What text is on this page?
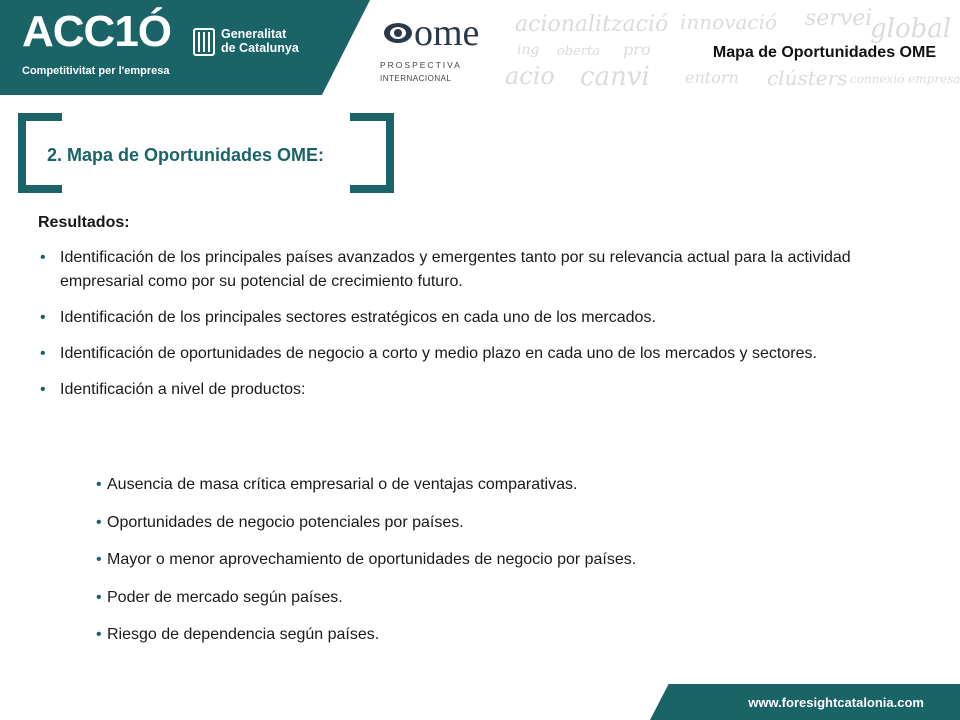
ACC1Ó
Competitivitat per l'empresa
Generalitat
de Catalunya	ome
PROSPECTIVA
INTERNACIONAL
acionalització innovació servei
global
ing oberta pro
acio canvi entorn clústers connexió empresa
Mapa de Oportunidades OME
2. Mapa de Oportunidades OME:
Resultados:
• Identificación de los principales países avanzados y emergentes tanto por su relevancia actual para la actividad empresarial como por su potencial de crecimiento futuro.
• Identificación de los principales sectores estratégicos en cada uno de los mercados.
• Identificación de oportunidades de negocio a corto y medio plazo en cada uno de los mercados y sectores.
• Identificación a nivel de productos:
• Ausencia de masa crítica empresarial o de ventajas comparativas.
• Oportunidades de negocio potenciales por países.
• Mayor o menor aprovechamiento de oportunidades de negocio por países.
• Poder de mercado según países.
• Riesgo de dependencia según países.
www.foresightcatalonia.com
